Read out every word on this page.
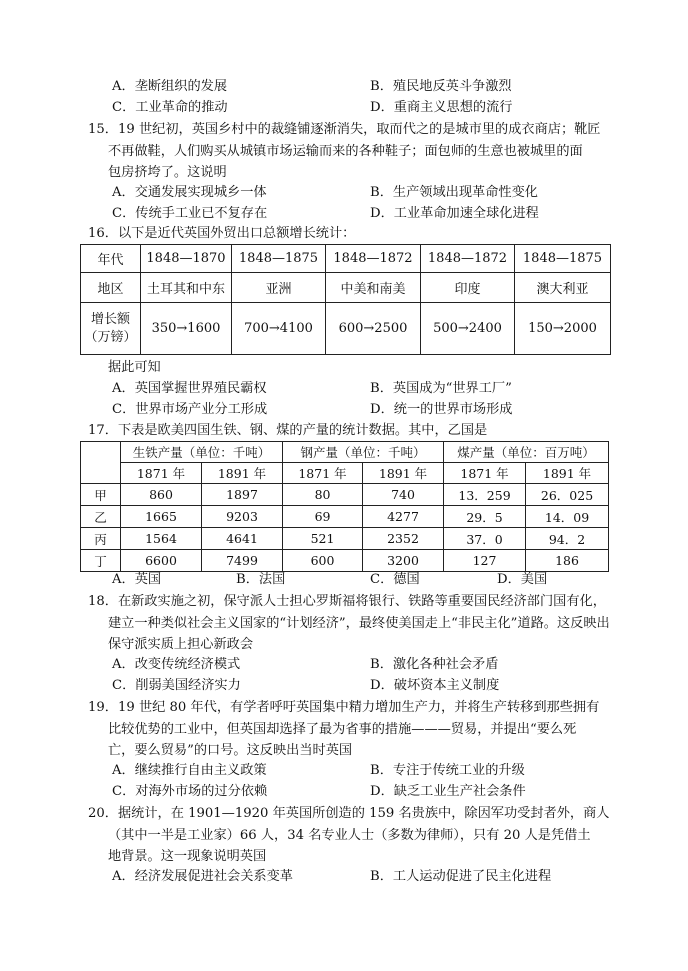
A．垄断组织的发展	B．殖民地反英斗争激烈
C．工业革命的推动	D．重商主义思想的流行
15．19 世纪初，英国乡村中的裁缝铺逐渐消失，取而代之的是城市里的成衣商店；靴匠
不再做鞋，人们购买从城镇市场运输而来的各种鞋子；面包师的生意也被城里的面
包房挤垮了。这说明
A．交通发展实现城乡一体	B．生产领域出现革命性变化
C．传统手工业已不复存在	D．工业革命加速全球化进程
16．以下是近代英国外贸出口总额增长统计：
年代	1848—1870	1848—1875	1848—1872	1848—1872	1848—1875
地区	土耳其和中东	亚洲	中美和南美	印度	澳大利亚
增长额
（万镑）	350→1600	700→4100	600→2500	500→2400	150→2000
据此可知
A．英国掌握世界殖民霸权	B．英国成为“世界工厂”
C．世界市场产业分工形成	D．统一的世界市场形成
17．下表是欧美四国生铁、钢、煤的产量的统计数据。其中，乙国是
	生铁产量（单位：千吨）		钢产量（单位：千吨）		煤产量（单位：百万吨）	
	1871 年	1891 年	1871 年	1891 年	1871 年	1891 年
甲	860	1897	80	740	13．259	26．025
乙	1665	9203	69	4277	29．5	14．09
丙	1564	4641	521	2352	37．0	94．2
丁	6600	7499	600	3200	127	186
A．英国	B．法国	C．德国	D．美国
18．在新政实施之初，保守派人士担心罗斯福将银行、铁路等重要国民经济部门国有化，
建立一种类似社会主义国家的“计划经济”，最终使美国走上“非民主化”道路。这反映出
保守派实质上担心新政会
A．改变传统经济模式	B．激化各种社会矛盾
C．削弱美国经济实力	D．破坏资本主义制度
19．19 世纪 80 年代，有学者呼吁英国集中精力增加生产力，并将生产转移到那些拥有
比较优势的工业中，但英国却选择了最为省事的措施———贸易，并提出“要么死
亡，要么贸易”的口号。这反映出当时英国
A．继续推行自由主义政策	B．专注于传统工业的升级
C．对海外市场的过分依赖	D．缺乏工业生产社会条件
20．据统计，在 1901—1920 年英国所创造的 159 名贵族中，除因军功受封者外，商人
（其中一半是工业家）66 人，34 名专业人士（多数为律师），只有 20 人是凭借土
地背景。这一现象说明英国
A．经济发展促进社会关系变革	B．工人运动促进了民主化进程
